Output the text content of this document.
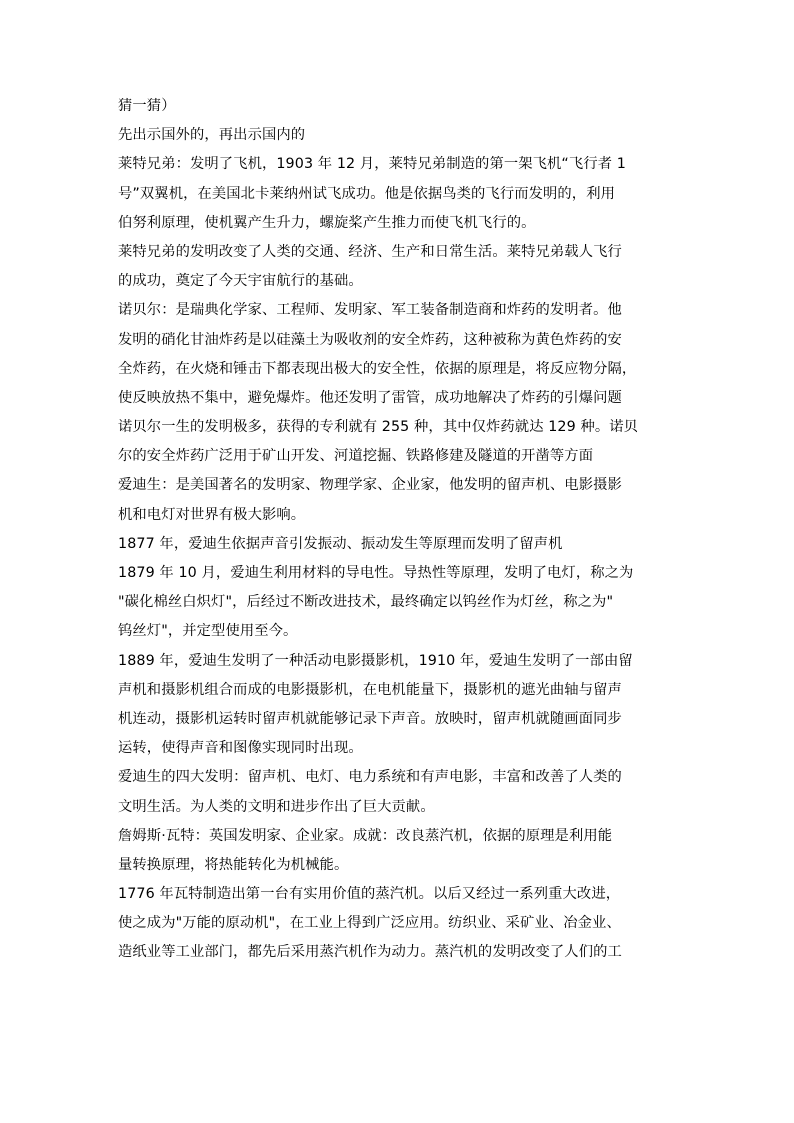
猜一猜）
先出示国外的，再出示国内的
莱特兄弟：发明了飞机，1903 年 12 月，莱特兄弟制造的第一架飞机“飞行者 1
号”双翼机，在美国北卡莱纳州试飞成功。他是依据鸟类的飞行而发明的，利用
伯努利原理，使机翼产生升力，螺旋桨产生推力而使飞机飞行的。
莱特兄弟的发明改变了人类的交通、经济、生产和日常生活。莱特兄弟载人飞行
的成功，奠定了今天宇宙航行的基础。
诺贝尔：是瑞典化学家、工程师、发明家、军工装备制造商和炸药的发明者。他
发明的硝化甘油炸药是以硅藻土为吸收剂的安全炸药，这种被称为黄色炸药的安
全炸药，在火烧和锤击下都表现出极大的安全性，依据的原理是，将反应物分隔，
使反映放热不集中，避免爆炸。他还发明了雷管，成功地解决了炸药的引爆问题
诺贝尔一生的发明极多，获得的专利就有 255 种，其中仅炸药就达 129 种。诺贝
尔的安全炸药广泛用于矿山开发、河道挖掘、铁路修建及隧道的开凿等方面
爱迪生：是美国著名的发明家、物理学家、企业家，他发明的留声机、电影摄影
机和电灯对世界有极大影响。
1877 年，爱迪生依据声音引发振动、振动发生等原理而发明了留声机
1879 年 10 月，爱迪生利用材料的导电性。导热性等原理，发明了电灯，称之为
"碳化棉丝白炽灯"，后经过不断改进技术，最终确定以钨丝作为灯丝，称之为"
钨丝灯"，并定型使用至今。
1889 年，爱迪生发明了一种活动电影摄影机，1910 年，爱迪生发明了一部由留
声机和摄影机组合而成的电影摄影机，在电机能量下，摄影机的遮光曲轴与留声
机连动，摄影机运转时留声机就能够记录下声音。放映时，留声机就随画面同步
运转，使得声音和图像实现同时出现。
爱迪生的四大发明：留声机、电灯、电力系统和有声电影，丰富和改善了人类的
文明生活。为人类的文明和进步作出了巨大贡献。
詹姆斯·瓦特：英国发明家、企业家。成就：改良蒸汽机，依据的原理是利用能
量转换原理，将热能转化为机械能。
1776 年瓦特制造出第一台有实用价值的蒸汽机。以后又经过一系列重大改进，
使之成为"万能的原动机"，在工业上得到广泛应用。纺织业、采矿业、冶金业、
造纸业等工业部门，都先后采用蒸汽机作为动力。蒸汽机的发明改变了人们的工
